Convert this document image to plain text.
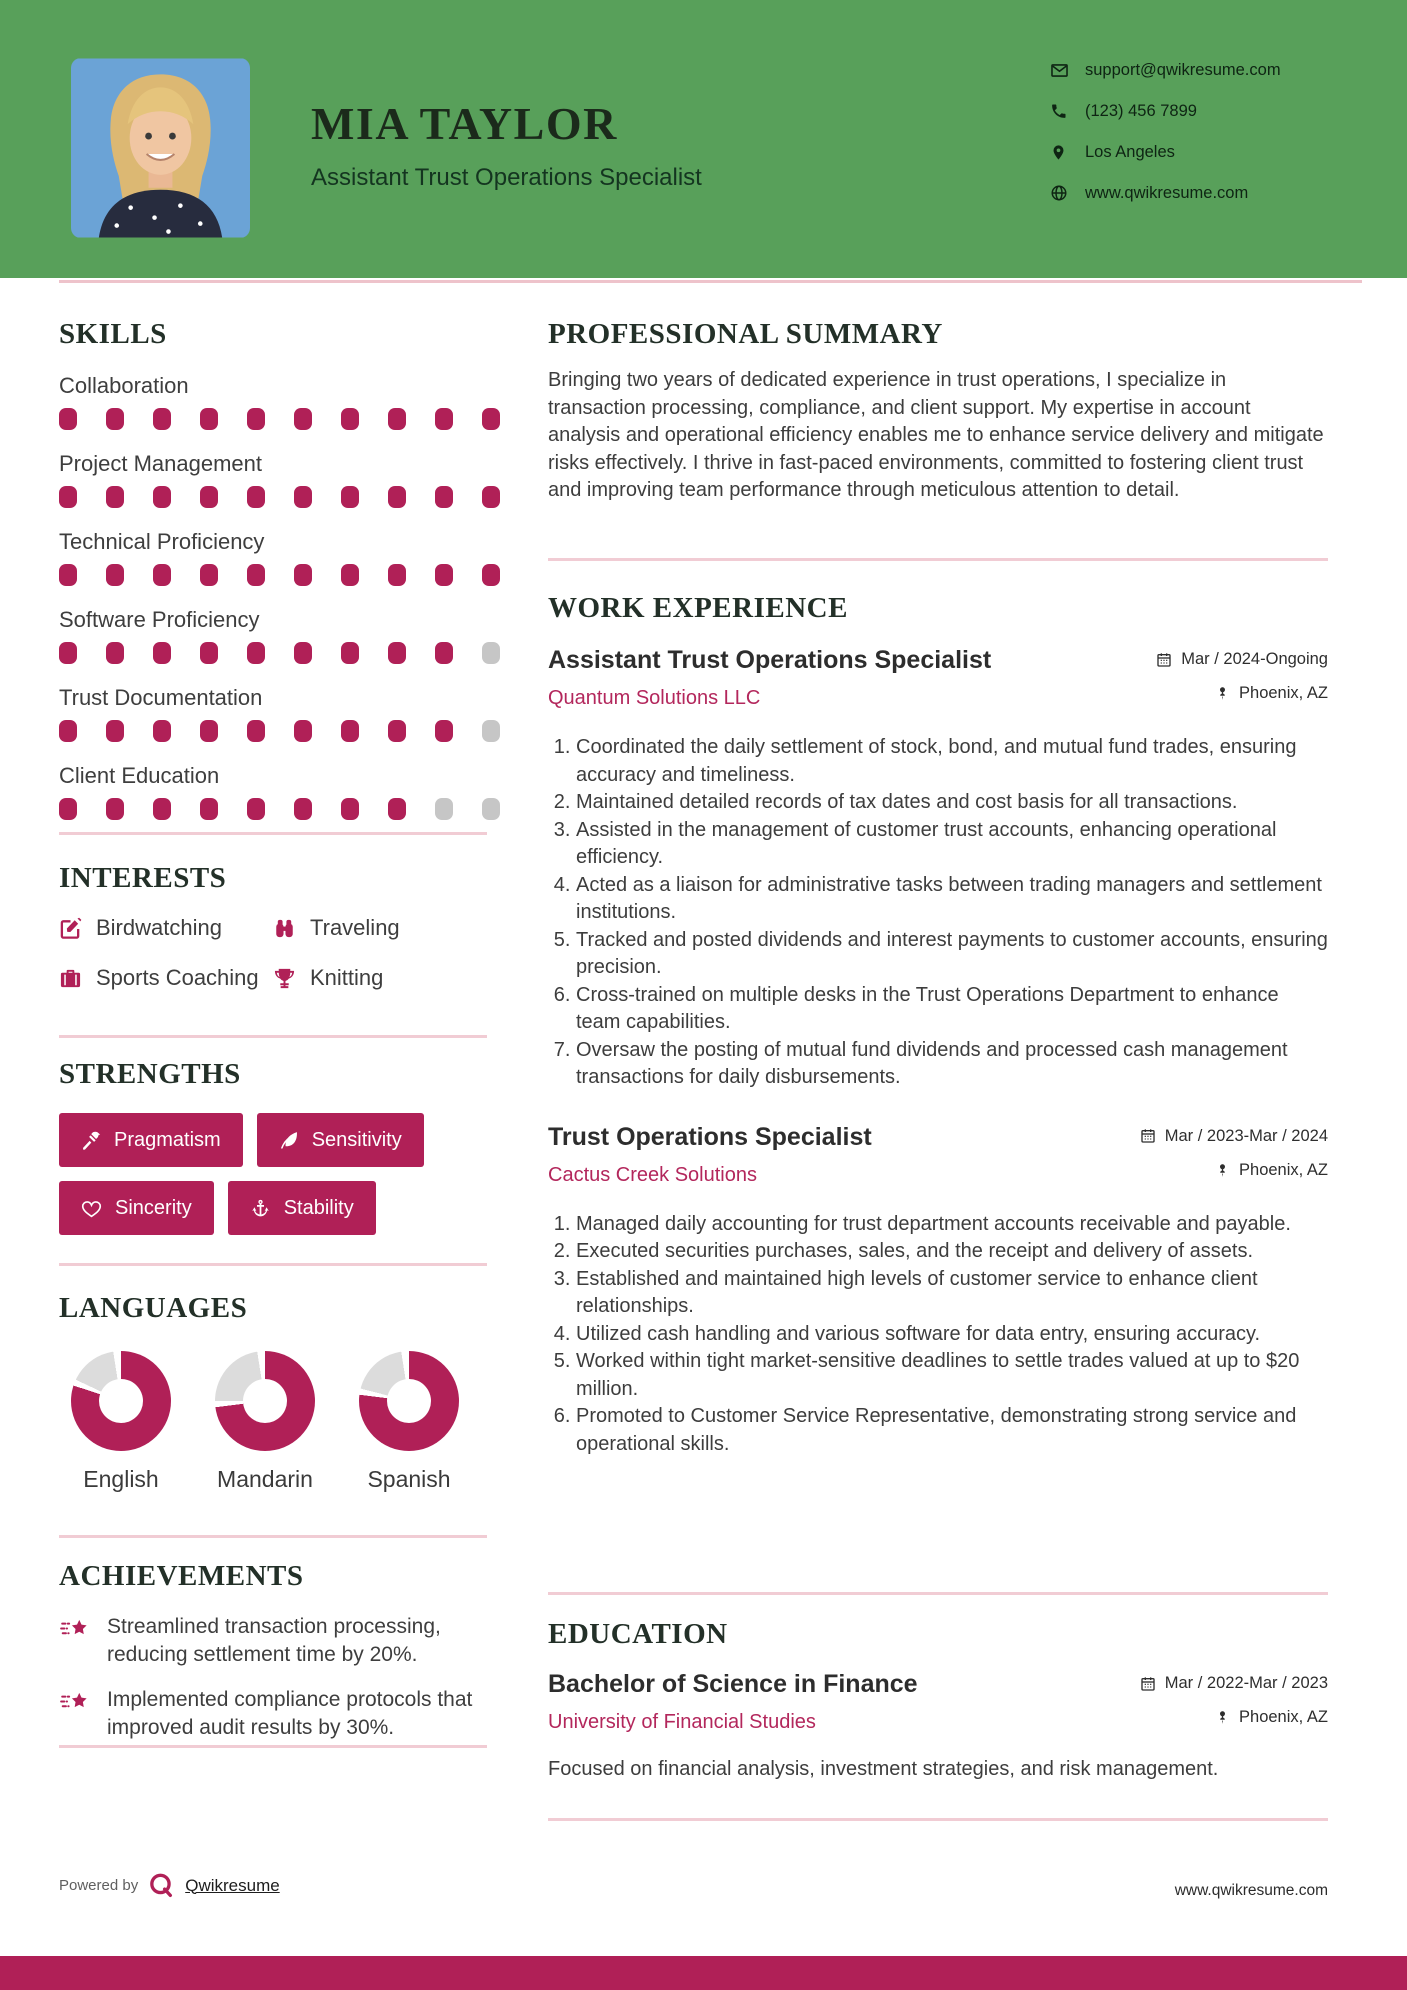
MIA TAYLOR
Assistant Trust Operations Specialist
support@qwikresume.com
(123) 456 7899
Los Angeles
www.qwikresume.com
SKILLS
Collaboration
Project Management
Technical Proficiency
Software Proficiency
Trust Documentation
Client Education
INTERESTS
Birdwatching	Traveling
Sports Coaching Knitting
STRENGTHS
Pragmatism	Sensitivity
Sincerity	Stability
LANGUAGES
English	Mandarin	Spanish
ACHIEVEMENTS
Streamlined transaction processing, reducing settlement time by 20%.
Implemented compliance protocols that improved audit results by 30%.
PROFESSIONAL SUMMARY

Bringing two years of dedicated experience in trust operations, I specialize in transaction processing, compliance, and client support. My expertise in account analysis and operational efficiency enables me to enhance service delivery and mitigate risks effectively. I thrive in fast-paced environments, committed to fostering client trust and improving team performance through meticulous attention to detail.

WORK EXPERIENCE
Assistant Trust Operations Specialist
Quantum Solutions LLC
Mar / 2024-Ongoing
Phoenix, AZ
1. Coordinated the daily settlement of stock, bond, and mutual fund trades, ensuring accuracy and timeliness.
2. Maintained detailed records of tax dates and cost basis for all transactions.
3. Assisted in the management of customer trust accounts, enhancing operational efficiency.
4. Acted as a liaison for administrative tasks between trading managers and settlement institutions.
5. Tracked and posted dividends and interest payments to customer accounts, ensuring precision.
6. Cross-trained on multiple desks in the Trust Operations Department to enhance team capabilities.
7. Oversaw the posting of mutual fund dividends and processed cash management transactions for daily disbursements.
Trust Operations Specialist
Cactus Creek Solutions
Mar / 2023-Mar / 2024
Phoenix, AZ
1. Managed daily accounting for trust department accounts receivable and payable.
2. Executed securities purchases, sales, and the receipt and delivery of assets.
3. Established and maintained high levels of customer service to enhance client relationships.
4. Utilized cash handling and various software for data entry, ensuring accuracy.
5. Worked within tight market-sensitive deadlines to settle trades valued at up to $20 million.
6. Promoted to Customer Service Representative, demonstrating strong service and operational skills.
EDUCATION
Bachelor of Science in Finance
University of Financial Studies
Mar / 2022-Mar / 2023
Phoenix, AZ

Focused on financial analysis, investment strategies, and risk management.

Powered by	Qwikresume	www.qwikresume.com
